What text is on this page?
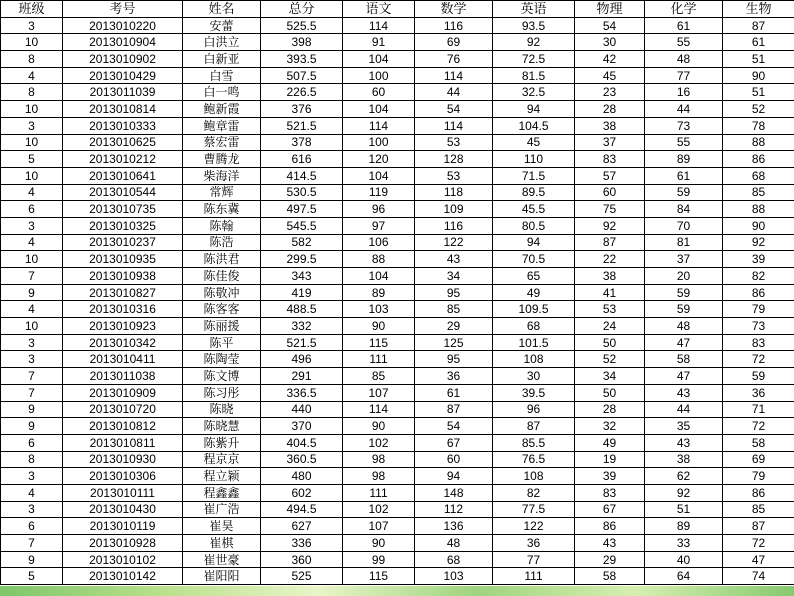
班级	考号	姓名	总分	语文	数学	英语	物理	化学	生物
3	2013010220	安蕾	525.5	114	116	93.5	54	61	87
10	2013010904	白洪立	398	91	69	92	30	55	61
8	2013010902	白新亚	393.5	104	76	72.5	42	48	51
4	2013010429	白雪	507.5	100	114	81.5	45	77	90
8	2013011039	白一鸣	226.5	60	44	32.5	23	16	51
10	2013010814	鲍新霞	376	104	54	94	28	44	52
3	2013010333	鲍章雷	521.5	114	114	104.5	38	73	78
10	2013010625	蔡宏雷	378	100	53	45	37	55	88
5	2013010212	曹腾龙	616	120	128	110	83	89	86
10	2013010641	柴海洋	414.5	104	53	71.5	57	61	68
4	2013010544	常辉	530.5	119	118	89.5	60	59	85
6	2013010735	陈东冀	497.5	96	109	45.5	75	84	88
3	2013010325	陈翰	545.5	97	116	80.5	92	70	90
4	2013010237	陈浩	582	106	122	94	87	81	92
10	2013010935	陈洪君	299.5	88	43	70.5	22	37	39
7	2013010938	陈佳俊	343	104	34	65	38	20	82
9	2013010827	陈敬冲	419	89	95	49	41	59	86
4	2013010316	陈客客	488.5	103	85	109.5	53	59	79
10	2013010923	陈丽援	332	90	29	68	24	48	73
3	2013010342	陈平	521.5	115	125	101.5	50	47	83
3	2013010411	陈陶莹	496	111	95	108	52	58	72
7	2013011038	陈文博	291	85	36	30	34	47	59
7	2013010909	陈习彤	336.5	107	61	39.5	50	43	36
9	2013010720	陈晓	440	114	87	96	28	44	71
9	2013010812	陈晓慧	370	90	54	87	32	35	72
6	2013010811	陈紫升	404.5	102	67	85.5	49	43	58
8	2013010930	程京京	360.5	98	60	76.5	19	38	69
3	2013010306	程立颖	480	98	94	108	39	62	79
4	2013010111	程鑫鑫	602	111	148	82	83	92	86
3	2013010430	崔广浩	494.5	102	112	77.5	67	51	85
6	2013010119	崔昊	627	107	136	122	86	89	87
7	2013010928	崔棋	336	90	48	36	43	33	72
9	2013010102	崔世豪	360	99	68	77	29	40	47
5	2013010142	崔阳阳	525	115	103	111	58	64	74
